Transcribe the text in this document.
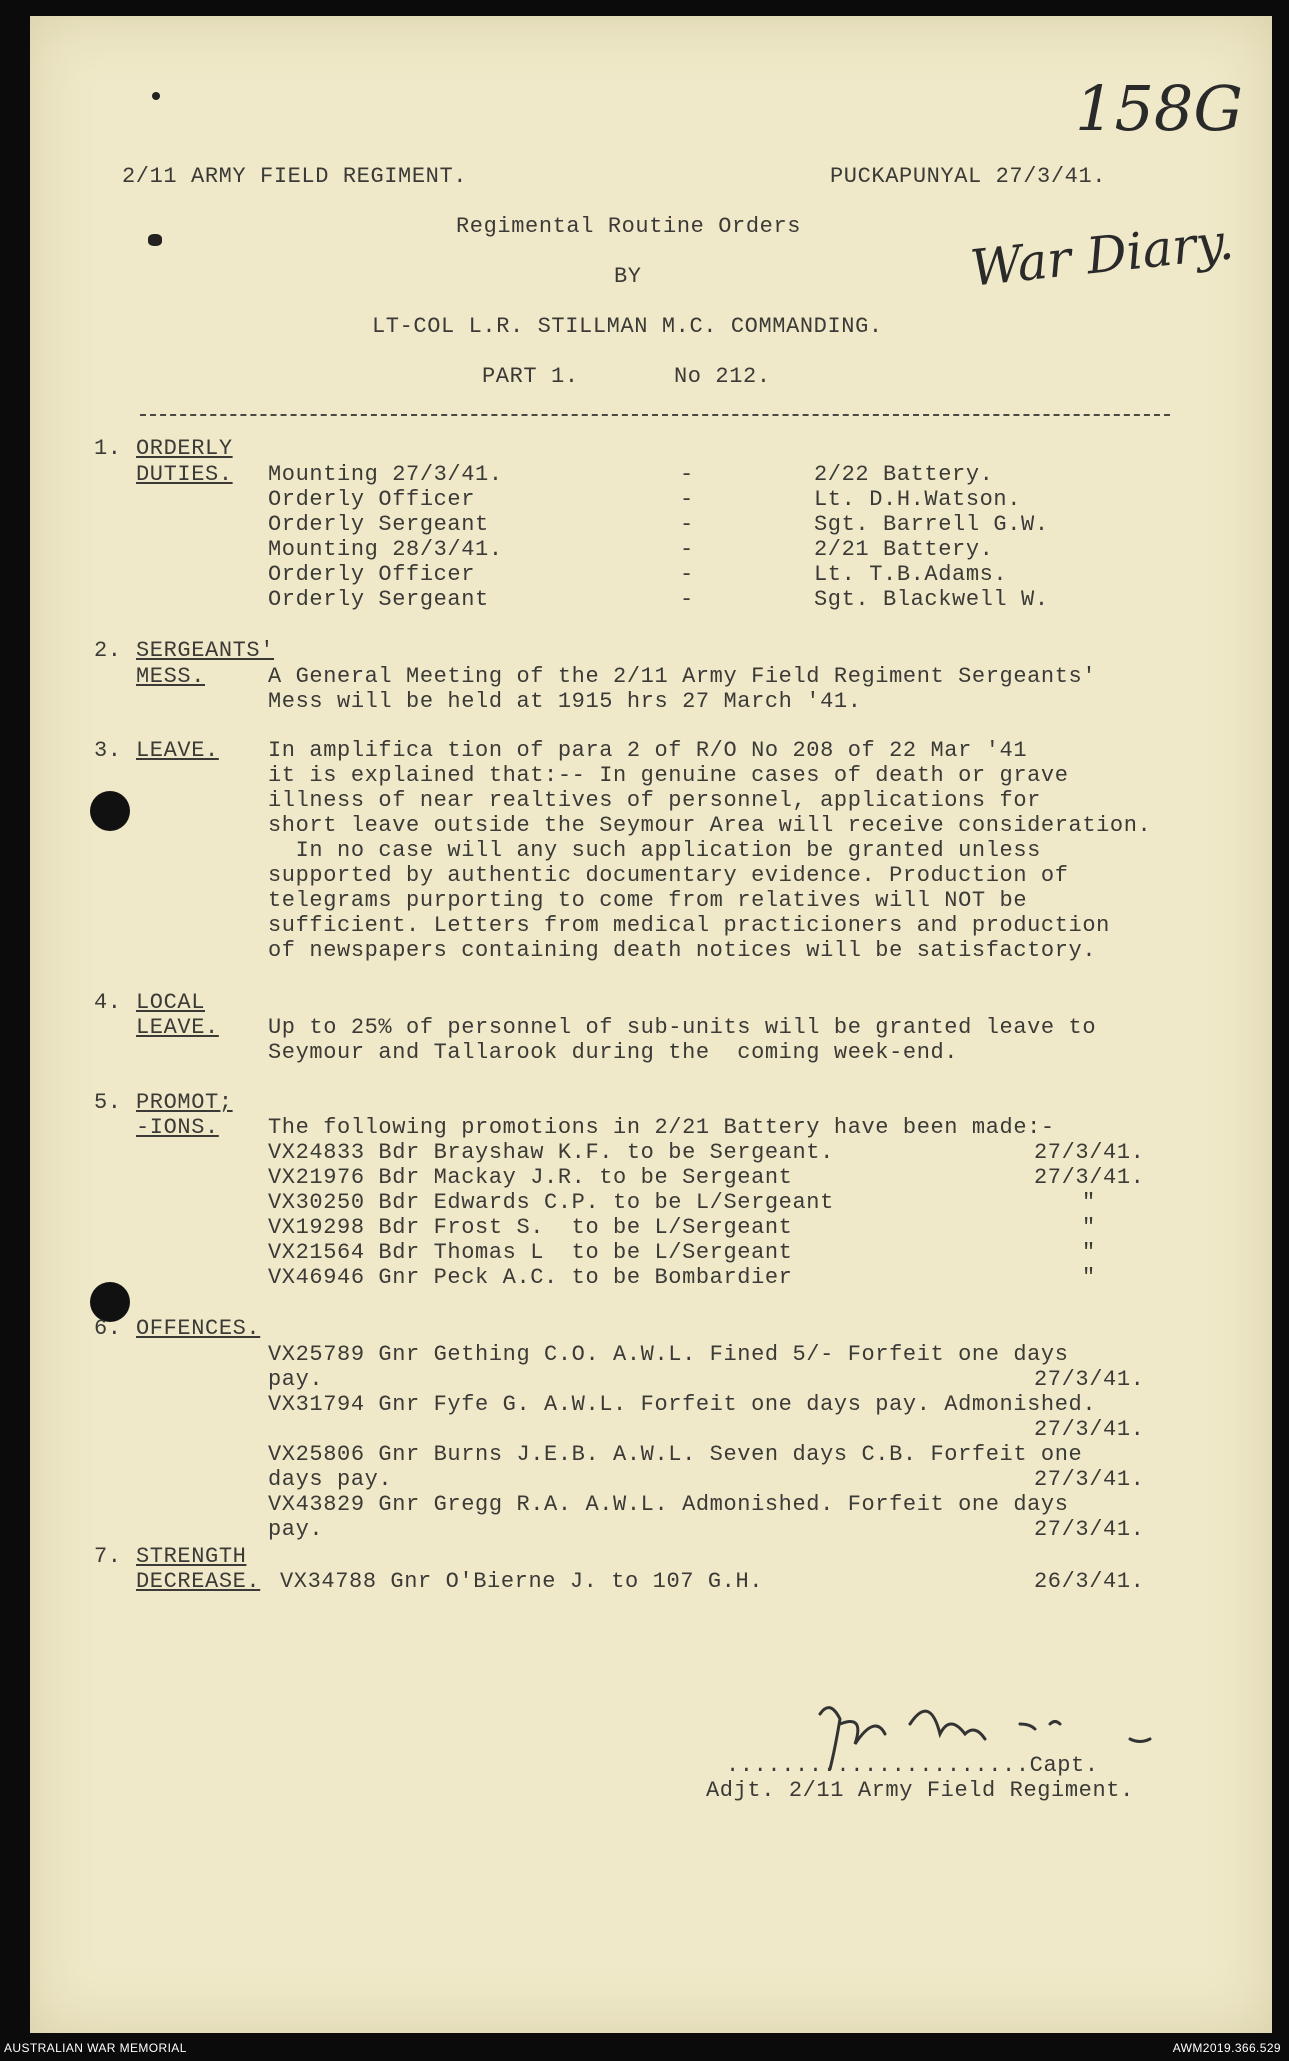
158G
War Diary.
2/11 ARMY FIELD REGIMENT.	PUCKAPUNYAL 27/3/41.
Regimental Routine Orders
BY
LT-COL L.R. STILLMAN M.C. COMMANDING.
PART 1.	No 212.
1. ORDERLY
DUTIES. Mounting 27/3/41.	-	2/22 Battery.
Orderly Officer	-	Lt. D.H.Watson.
Orderly Sergeant	-	Sgt. Barrell G.W.
Mounting 28/3/41.	-	2/21 Battery.
Orderly Officer	-	Lt. T.B.Adams.
Orderly Sergeant	-	Sgt. Blackwell W.
2. SERGEANTS'
MESS.	A General Meeting of the 2/11 Army Field Regiment Sergeants'
Mess will be held at 1915 hrs 27 March '41.
3. LEAVE. In amplifica tion of para 2 of R/O No 208 of 22 Mar '41
it is explained that:-- In genuine cases of death or grave
illness of near realtives of personnel, applications for
short leave outside the Seymour Area will receive consideration.
In no case will any such application be granted unless
supported by authentic documentary evidence. Production of
telegrams purporting to come from relatives will NOT be
sufficient. Letters from medical practicioners and production
of newspapers containing death notices will be satisfactory.
4. LOCAL
LEAVE. Up to 25% of personnel of sub-units will be granted leave to
Seymour and Tallarook during the  coming week-end.
5. PROMOT;
-IONS. The following promotions in 2/21 Battery have been made:-
VX24833 Bdr Brayshaw K.F. to be Sergeant.	27/3/41.
VX21976 Bdr Mackay J.R. to be Sergeant	27/3/41.
VX30250 Bdr Edwards C.P. to be L/Sergeant	"
VX19298 Bdr Frost S.  to be L/Sergeant	"
VX21564 Bdr Thomas L  to be L/Sergeant	"
VX46946 Gnr Peck A.C. to be Bombardier	"
6. OFFENCES.
VX25789 Gnr Gething C.O. A.W.L. Fined 5/- Forfeit one days
pay.	27/3/41.
VX31794 Gnr Fyfe G. A.W.L. Forfeit one days pay. Admonished.
27/3/41.
VX25806 Gnr Burns J.E.B. A.W.L. Seven days C.B. Forfeit one
days pay.	27/3/41.
VX43829 Gnr Gregg R.A. A.W.L. Admonished. Forfeit one days
pay.	27/3/41.
7. STRENGTH
DECREASE. VX34788 Gnr O'Bierne J. to 107 G.H.	26/3/41.
......................Capt.
Adjt. 2/11 Army Field Regiment.
AUSTRALIAN WAR MEMORIAL	AWM2019.366.529
